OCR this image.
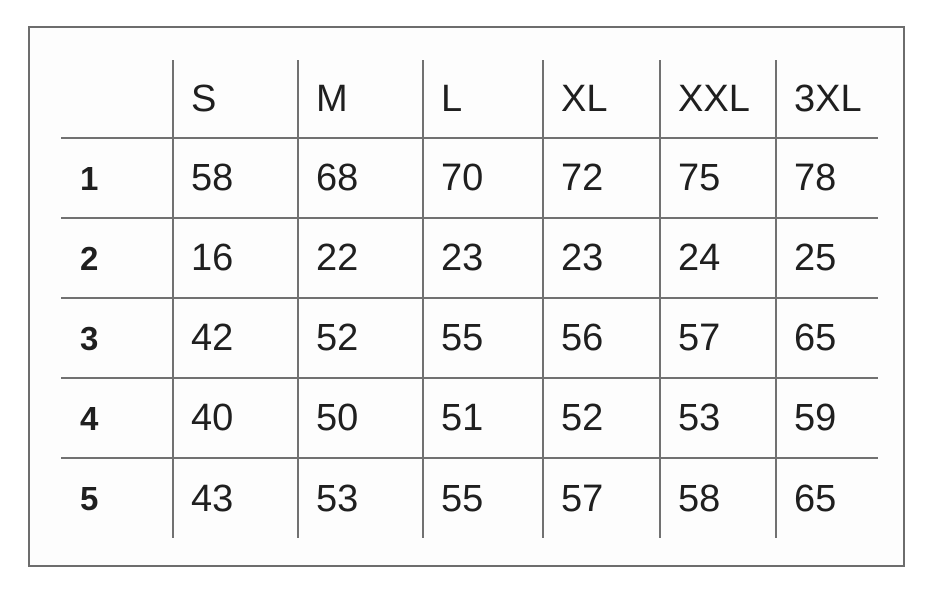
	S	M	L	XL	XXL	3XL
1	58	68	70	72	75	78
2	16	22	23	23	24	25
3	42	52	55	56	57	65
4	40	50	51	52	53	59
5	43	53	55	57	58	65
